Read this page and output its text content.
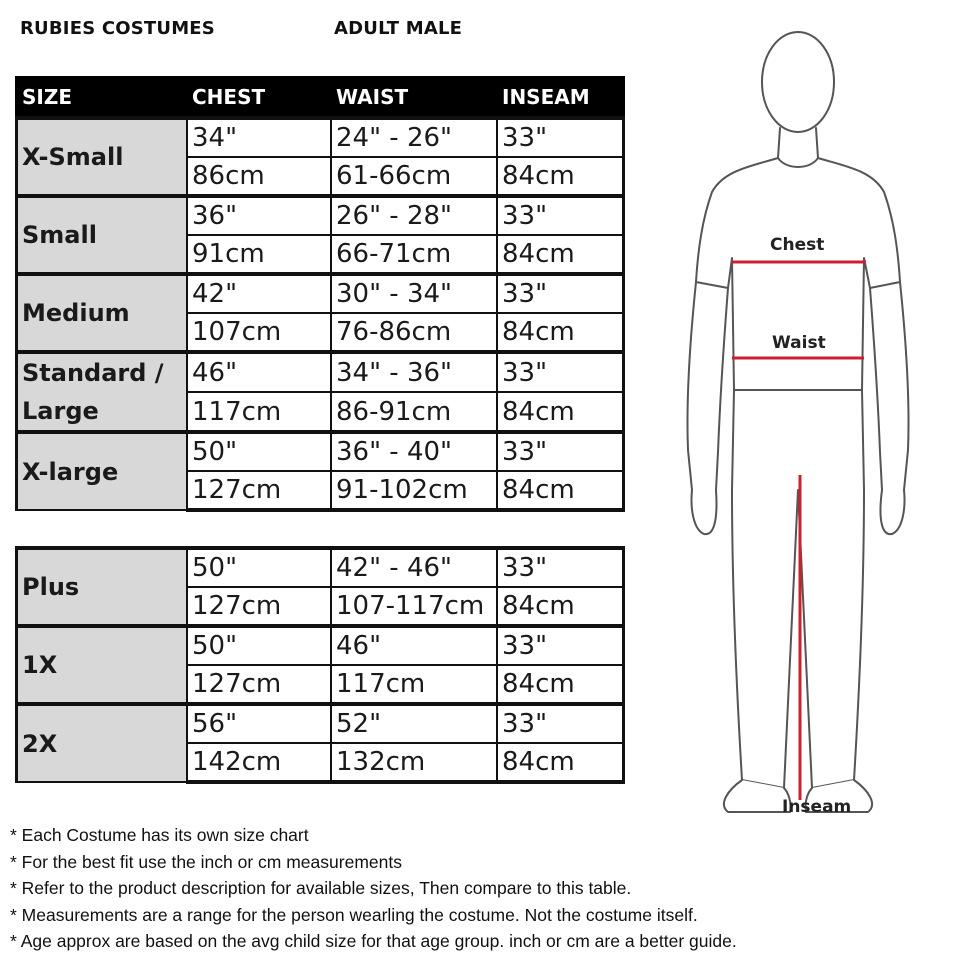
RUBIES COSTUMES	ADULT MALE
SIZE	CHEST	WAIST	INSEAM

X-Small	34"	24" - 26"	33"
	86cm	61-66cm	84cm

Small	36"	26" - 28"	33"
	91cm	66-71cm	84cm

Medium	42"	30" - 34"	33"
	107cm	76-86cm	84cm

Standard /
Large	46"	34" - 36"	33"
	117cm	86-91cm	84cm

X-large	50"	36" - 40"	33"
	127cm	91-102cm	84cm
Plus	50"	42" - 46"	33"
	127cm	107-117cm	84cm

1X	50"	46"	33"
	127cm	117cm	84cm

2X	56"	52"	33"
	142cm	132cm	84cm
* Each Costume has its own size chart
* For the best fit use the inch or cm measurements
* Refer to the product description for available sizes, Then compare to this table.
* Measurements are a range for the person wearling the costume. Not the costume itself.
* Age approx are based on the avg child size for that age group. inch or cm are a better guide.
Chest
Waist
Inseam
